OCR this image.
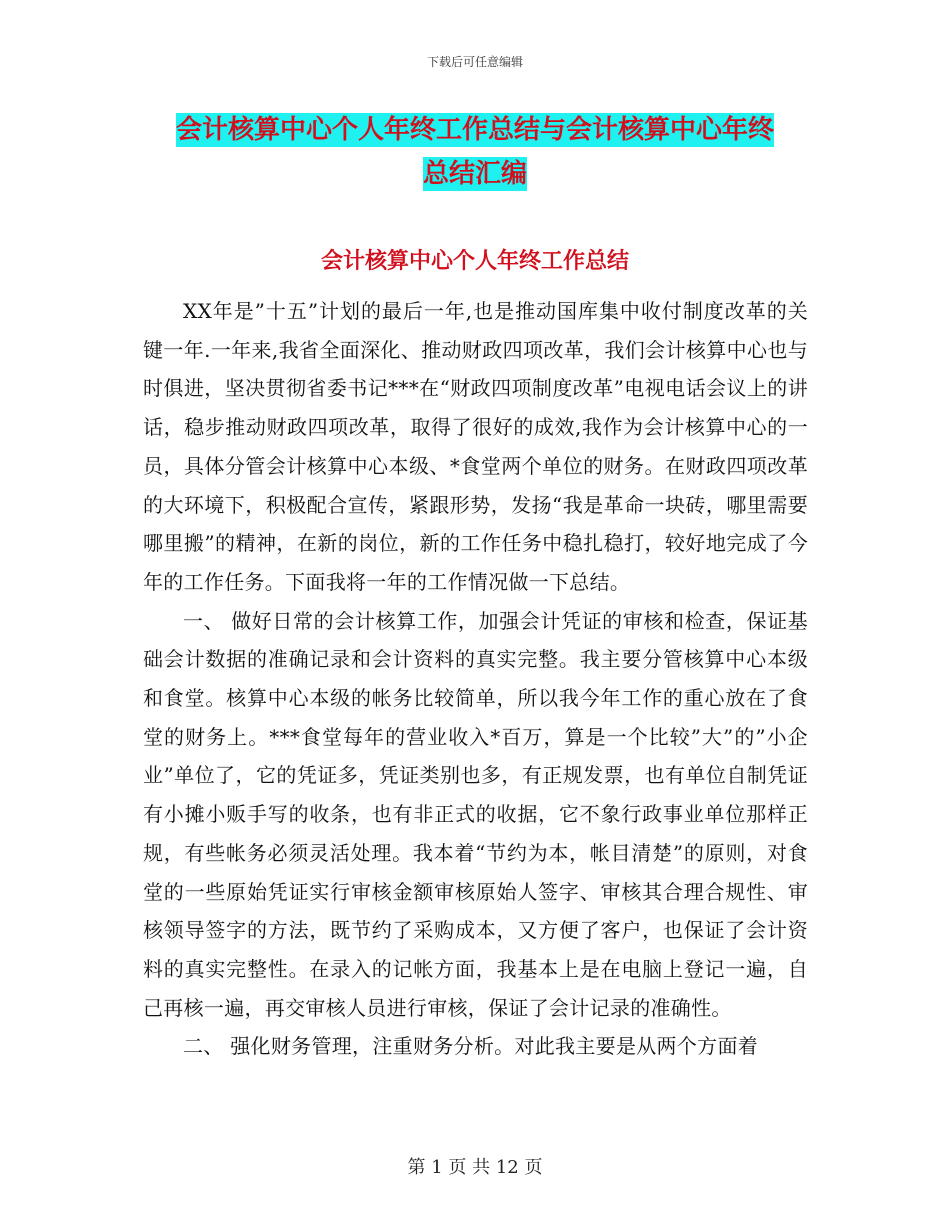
下载后可任意编辑
会计核算中心个人年终工作总结与会计核算中心年终
总结汇编
会计核算中心个人年终工作总结

XX年是”十五”计划的最后一年,也是推动国库集中收付制度改革的关键一年.一年来,我省全面深化、推动财政四项改革，我们会计核算中心也与时俱进，坚决贯彻省委书记***在“财政四项制度改革”电视电话会议上的讲话，稳步推动财政四项改革，取得了很好的成效,我作为会计核算中心的一员，具体分管会计核算中心本级、*食堂两个单位的财务。在财政四项改革的大环境下，积极配合宣传，紧跟形势，发扬“我是革命一块砖，哪里需要哪里搬”的精神，在新的岗位，新的工作任务中稳扎稳打，较好地完成了今年的工作任务。下面我将一年的工作情况做一下总结。

一、 做好日常的会计核算工作，加强会计凭证的审核和检查，保证基础会计数据的准确记录和会计资料的真实完整。我主要分管核算中心本级和食堂。核算中心本级的帐务比较简单，所以我今年工作的重心放在了食堂的财务上。***食堂每年的营业收入*百万，算是一个比较”大”的”小企业”单位了，它的凭证多，凭证类别也多，有正规发票，也有单位自制凭证有小摊小贩手写的收条，也有非正式的收据，它不象行政事业单位那样正规，有些帐务必须灵活处理。我本着“节约为本，帐目清楚”的原则，对食堂的一些原始凭证实行审核金额审核原始人签字、审核其合理合规性、审核领导签字的方法，既节约了采购成本，又方便了客户，也保证了会计资料的真实完整性。在录入的记帐方面，我基本上是在电脑上登记一遍，自己再核一遍，再交审核人员进行审核，保证了会计记录的准确性。

二、 强化财务管理，注重财务分析。对此我主要是从两个方面着

第 1 页 共 12 页
